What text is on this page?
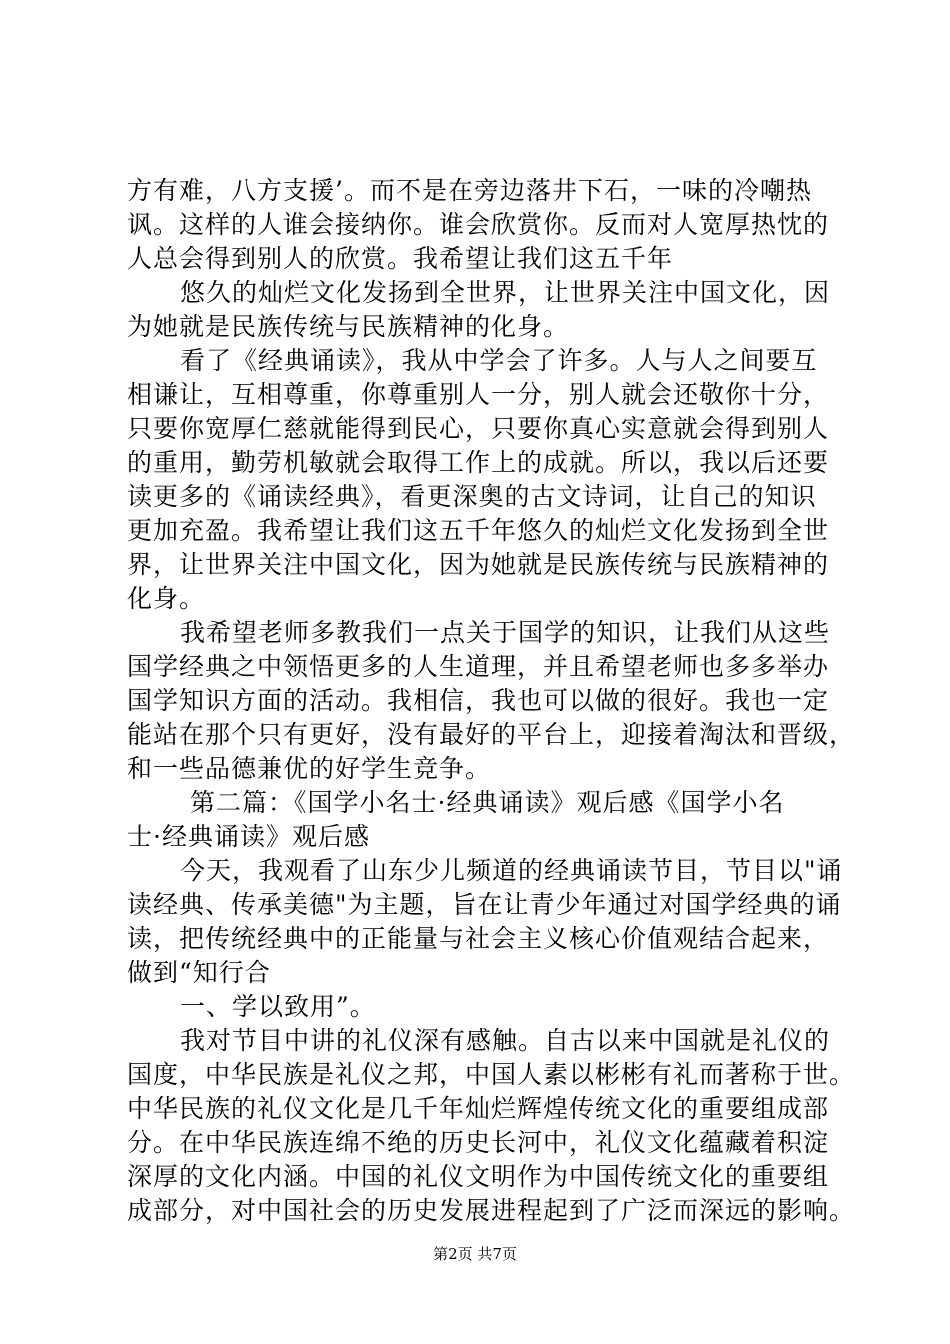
方有难，八方支援’。而不是在旁边落井下石，一味的冷嘲热
讽。这样的人谁会接纳你。谁会欣赏你。反而对人宽厚热忱的
人总会得到别人的欣赏。我希望让我们这五千年
悠久的灿烂文化发扬到全世界，让世界关注中国文化，因
为她就是民族传统与民族精神的化身。
看了《经典诵读》，我从中学会了许多。人与人之间要互
相谦让，互相尊重，你尊重别人一分，别人就会还敬你十分，
只要你宽厚仁慈就能得到民心，只要你真心实意就会得到别人
的重用，勤劳机敏就会取得工作上的成就。所以，我以后还要
读更多的《诵读经典》，看更深奥的古文诗词，让自己的知识
更加充盈。我希望让我们这五千年悠久的灿烂文化发扬到全世
界，让世界关注中国文化，因为她就是民族传统与民族精神的
化身。
我希望老师多教我们一点关于国学的知识，让我们从这些
国学经典之中领悟更多的人生道理，并且希望老师也多多举办
国学知识方面的活动。我相信，我也可以做的很好。我也一定
能站在那个只有更好，没有最好的平台上，迎接着淘汰和晋级，
和一些品德兼优的好学生竞争。
第二篇：《国学小名士·经典诵读》观后感《国学小名
士·经典诵读》观后感
今天，我观看了山东少儿频道的经典诵读节目，节目以"诵
读经典、传承美德"为主题，旨在让青少年通过对国学经典的诵
读，把传统经典中的正能量与社会主义核心价值观结合起来，
做到“知行合
一、学以致用”。
我对节目中讲的礼仪深有感触。自古以来中国就是礼仪的
国度，中华民族是礼仪之邦，中国人素以彬彬有礼而著称于世。
中华民族的礼仪文化是几千年灿烂辉煌传统文化的重要组成部
分。在中华民族连绵不绝的历史长河中，礼仪文化蕴藏着积淀
深厚的文化内涵。中国的礼仪文明作为中国传统文化的重要组
成部分，对中国社会的历史发展进程起到了广泛而深远的影响。
第2页 共7页
